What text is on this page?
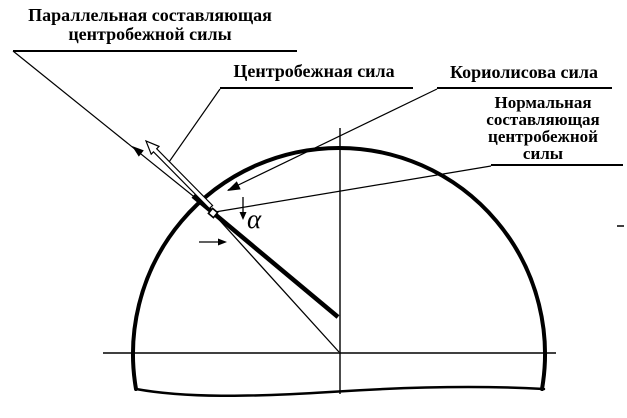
Параллельная составляющая
центробежной силы
Центробежная сила	Кориолисова сила
Нормальная
составляющая
центробежной
силы
α
